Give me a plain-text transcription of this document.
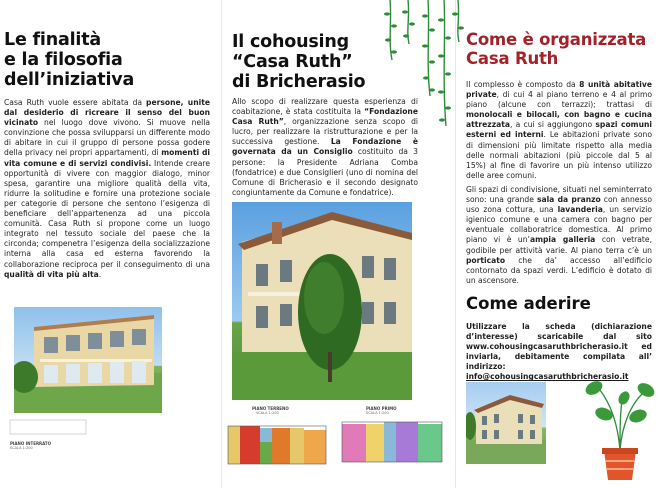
Le finalità
e la filosofia
dell’iniziativa

Casa Ruth vuole essere abitata da persone, unite dal desiderio di ricreare il senso del buon vicinato nel luogo dove vivono. Si muove nella convinzione che possa svilupparsi un differente modo di abitare in cui il gruppo di persone possa godere della privacy nei propri appartamenti, di momenti di vita comune e di servizi condivisi. Intende creare opportunità di vivere con maggior dialogo, minor spesa, garantire una migliore qualità della vita, ridurre la solitudine e fornire una protezione sociale per categorie di persone che sentono l’esigenza di beneficiare dell’appartenenza ad una piccola comunità. Casa Ruth si propone come un luogo integrato nel tessuto sociale del paese che la circonda; compenetra l’esigenza della socializzazione interna alla casa ed esterna favorendo la collaborazione reciproca per il conseguimento di una qualità di vita più alta.

PIANO INTERRATO
SCALA 1:200
Il cohousing
“Casa Ruth”
di Bricherasio

Allo scopo di realizzare questa esperienza di coabitazione, è stata costituita la “Fondazione Casa Ruth”, organizzazione senza scopo di lucro, per realizzare la ristrutturazione e per la successiva gestione. La Fondazione è governata da un Consiglio costituito da 3 persone: la Presidente Adriana Comba (fondatrice) e due Consiglieri (uno di nomina del Comune di Bricherasio e il secondo designato congiuntamente da Comune e fondatrice).

PIANO TERRENO
SCALA 1:200
PIANO PRIMO
SCALA 1:200
Come è organizzata
Casa Ruth

Il complesso è composto da 8 unità abitative private, di cui 4 al piano terreno e 4 al primo piano (alcune con terrazzi); trattasi di monolocali e bilocali, con bagno e cucina attrezzata, a cui si aggiungono spazi comuni esterni ed interni. Le abitazioni private sono di dimensioni più limitate rispetto alla media delle normali abitazioni (più piccole dal 5 al 15%) al fine di favorire un più intenso utilizzo delle aree comuni.

Gli spazi di condivisione, situati nel seminterrato sono: una grande sala da pranzo con annesso uso zona cottura, una lavanderia, un servizio igienico comune e una camera con bagno per eventuale collaboratrice domestica. Al primo piano vi è un’ampia galleria con vetrate, godibile per attività varie. Al piano terra c’è un porticato che da’ accesso all’edificio contornato da spazi verdi. L’edificio è dotato di un ascensore.

Come aderire

Utilizzare la scheda (dichiarazione d’interesse) scaricabile dal sito www.cohousingcasaruthbricherasio.it ed inviarla, debitamente compilata all’ indirizzo:
info@cohousingcasaruthbricherasio.it
